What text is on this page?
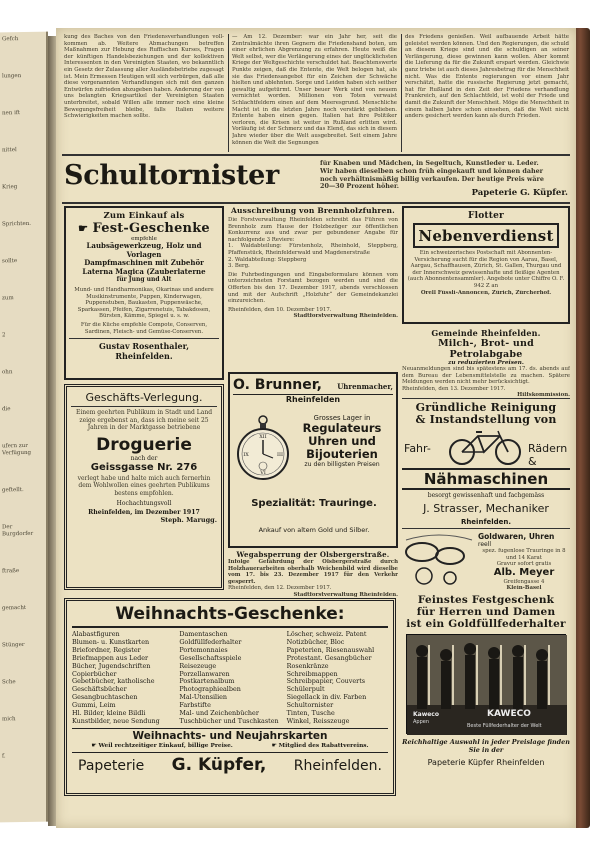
Gefch
lungen
nen ift
nittel
Krieg
Sprichten.
sollte
zum
2
ohn
die
ufern zur Verfügung
geftellt.
Der Burgdorfer
ftraße
gemacht
Stünger
Sche
mich
f.
kung des Baches von den Friedensverhandlungen voll-kommen ab. Weitere Abmachungen betreffen Maßnahmen zur Hebung des Ruffischen Kurses, Fragen der künftigen Handelsbeziehungen und der kollektiven Interessenten in den Vereinigten Staaten, wo bekanntlich ein Gesetz der Zulassung aller Ausländsbetriebe zugesagt ist. Mein Ermessen Heutigen will sich verbürgen, daß alle diese vorgenannten Verhandlungen sich mit den ganzen Entwürfen zufrieden abzugeben haben. Anderung der von uns belangten Kriegsartikel der Vereinigten Staaten unterbreitet, sobald Willen alle immer noch eine kleine Bewegungsfreiheit bleibe, falls Italien weitere Schwierigkeiten machen sollte.
— Am 12. Dezember: war ein Jahr her, seit die Zentralmächte ihren Gegnern die Friedenshand boten, um einer ehrlichen Abgrenzung zu erfahren. Heute weiß die Welt selbst, wer die Verlängerung eines der unglücklichsten Kriege der Weltgeschichte verschuldet hat. Beachtenswerte Punkte zeigen, daß die Entente, die Welt belogen hat, als sie das Friedensangebot für ein Zeichen der Schwäche hielten und ablehnten. Sorge und Leiden haben sich seither gewaltig aufgetürmt. Unser beuer Werk sind von neuem vernichtet worden. Millionen von Toten verwaist Schlachtfeldern einen auf dem Meeresgrund. Menschliche Macht ist in die letzten Jahre noch verstärkt geblieben. Entente haben einen gegen. Italien hat ihre Politiker verloren, die Krisen ist weiter in Rußland erlitten wird. Vorläufig ist der Schmerz und das Elend, das sich in diesem Jahre wieder über die Welt ausgebreitet. Seit einem Jahre können die Welt die Segnungen
des Friedens genießen. Weil aufbauende Arbeit hätte geleistet werden können. Und den Regierungen, die schuld an diesem Kriege sind und die schuldigen an seiner Verlängerung, diese gewinnen kann wollen. Aber kommt die Lieferung da für die Zukunft erspart werden. Gleichwie ganz triebe ist auch dieses Jahresbetrag für die Menschheit nicht. Was die Entente regierungen vor einem Jahr verschätzt, hatte die russische Regierung jetzt gemacht, hat für Rußland in den Zeit der Friedens verhandlung Frankreich, auf den Schlachtfeld, ist wohl der Friede und damit die Zukunft der Menschheit. Möge die Menschheit in einem halben Jahre schon einsehen, daß die Welt nicht anders gesichert werden kann als durch Frieden.
Schultornister	für Knaben und Mädchen, in Segeltuch, Kunstleder u. Leder.
Wir haben dieselben schon früh eingekauft und können daher
noch verhältnismäßig billig verkaufen. Der heutige Preis wäre
20—30 Prozent höher.
Papeterie G. Küpfer.
Zum Einkauf als
☛ Fest-Geschenke
empfehle
Laubsägewerkzeug, Holz und Vorlagen
Dampfmaschinen mit Zubehör
Laterna Magica (Zauberlaterne
für Jung und Alt
Mund- und Handharmonikas, Okarinas und andere Musikinstrumente, Puppen, Kinderwagen, Puppenstuben, Baukasten, Puppenwäsche, Sparkassen, Pfeifen, Zigarrenetuis, Tabakdosen, Bürsten, Kämme, Spiegel u. s. w.
Für die Küche empfehle Compote, Conserven, Sardinen, Fleisch- und Gemüse-Conserven.
Gustav Rosenthaler, Rheinfelden.
Ausschreibung von Brennholzfuhren.
Die Forstverwaltung Rheinfelden schreibt das Führen von Brennholz zum Hause der Holzbezüger zur öffentlichen Konkurrenz aus und zwar per gebundener Angabe für nachfolgende 3 Reviere:
1. Waldabteilung: Fürstenholz, Rheinhold, Steppberg, Pfaffenstück, Rheinfelderwald und Magdenerstraße
2. Waldabteilung: Steppberg
3. Berg.
Die Fuhrbedingungen und Eingabeformulare können vom unterzeichneten Forstamt bezogen werden und sind die Offerten bis den 17. Dezember 1917, abends verschlossen und mit der Aufschrift „Holzfuhr“ der Gemeindekanzlei einzureichen.
Rheinfelden, den 10. Dezember 1917.
Stadtforstverwaltung Rheinfelden.
Flotter
Nebenverdienst
Ein schweizerisches Postschaft mit Abonnenten-Versicherung sucht für die Region von Aarau, Basel, Aargau, Schaffhausen, Zürich, St. Gallen, Thurgau und der Innerschweiz gewissenhafte und fleißige Agenten (auch Abonnentensammler). Angebote unter Chiffre O. F. 942 Z an
Orell Füssli-Annoncen, Zürich, Zürcherhof.
Gemeinde Rheinfelden.
Milch-, Brot- und Petrolabgabe
zu reduzierten Preisen.
Neuanmeldungen sind bis spätestens am 17. ds. abends auf dem Bureau der Lebensmittelstelle zu machen. Spätere Meldungen werden nicht mehr berücksichtigt.
Rheinfelden, den 13. Dezember 1917.
Hilfskommission.
Geschäfts-Verlegung.
Einem geehrten Publikum in Stadt und Land zeige ergebenst an, dass ich meine seit 25 Jahren in der Marktgasse betriebene
Droguerie
nach der
Geissgasse Nr. 276
verlegt habe und halte mich auch fernerhin dem Wohlwollen eines geehrten Publikums bestens empfohlen.
Hochachtungsvoll
Rheinfelden, im Dezember 1917
Steph. Marugg.
O. Brunner, Uhrenmacher,
Rheinfelden
XII
III
VI
IX
Grosses Lager in
Regulateurs
Uhren und
Bijouterien
zu den billigsten Preisen
Spezialität: Trauringe.
Ankauf von altem Gold und Silber.
Wegabsperrung der Olsbergerstraße.
Infolge Gefährdung der Olsbergerstraße durch Holzhauerarbeiten oberhalb Weichenbild wird dieselbe vom 17. bis 23. Dezember 1917 für den Verkehr gesperrt.
Rheinfelden, den 12. Dezember 1917.
Stadtforstverwaltung Rheinfelden.
Gründliche Reinigung
& Instandstellung von
Fahr-	Rädern &
Nähmaschinen
besorgt gewissenhaft und fachgemäss
J. Strasser, Mechaniker
Rheinfelden.
Goldwaren, Uhren
reell
spez. fugenlose Trauringe in 8 und 14 Karat
Gravur sofort gratis
Alb. Meyer
Greifengasse 4
Klein-Basel
Weihnachts-Geschenke:
Alabastfiguren
Blumen- u. Kunstkarten
Briefordner, Register
Briefmappen aus Leder
Bücher, Jugendschriften
Copierbücher
Gebetbücher, katholische
Geschäftsbücher
Gesangbuchtaschen
Gummi, Leim
Hl. Bilder, kleine Bildli
Kunstbilder, neue Sendung
Damentaschen
Goldfüllfederhalter
Portemonnaies
Gesellschaftsspiele
Reisezeuge
Porzellanwaren
Postkartenalbum
Photographiealben
Mal-Utensilien
Farbstifte
Mal- und Zeichenbücher
Tuschbücher und Tuschkasten
Löscher, schweiz. Patent
Notizbücher, Bloc
Papeterien, Riesenauswahl
Protestant. Gesangbücher
Rosenkränze
Schreibmappen
Schreibpapier, Couverts
Schülerpult
Siegellack in div. Farben
Schultornister
Tinten, Tusche
Winkel, Reisszeuge
Weihnachts- und Neujahrskarten
☛ Weil rechtzeitiger Einkauf, billige Preise.	☛ Mitglied des Rabattvereins.
Papeterie G. Küpfer, Rheinfelden.
Feinstes Festgeschenk
für Herren und Damen
ist ein Goldfüllfederhalter
Kaweco
Appen
KAWECO
Beste Füllfederhalter der Welt
Reichhaltige Auswahl in jeder Preislage finden Sie in der
Papeterie Küpfer Rheinfelden
